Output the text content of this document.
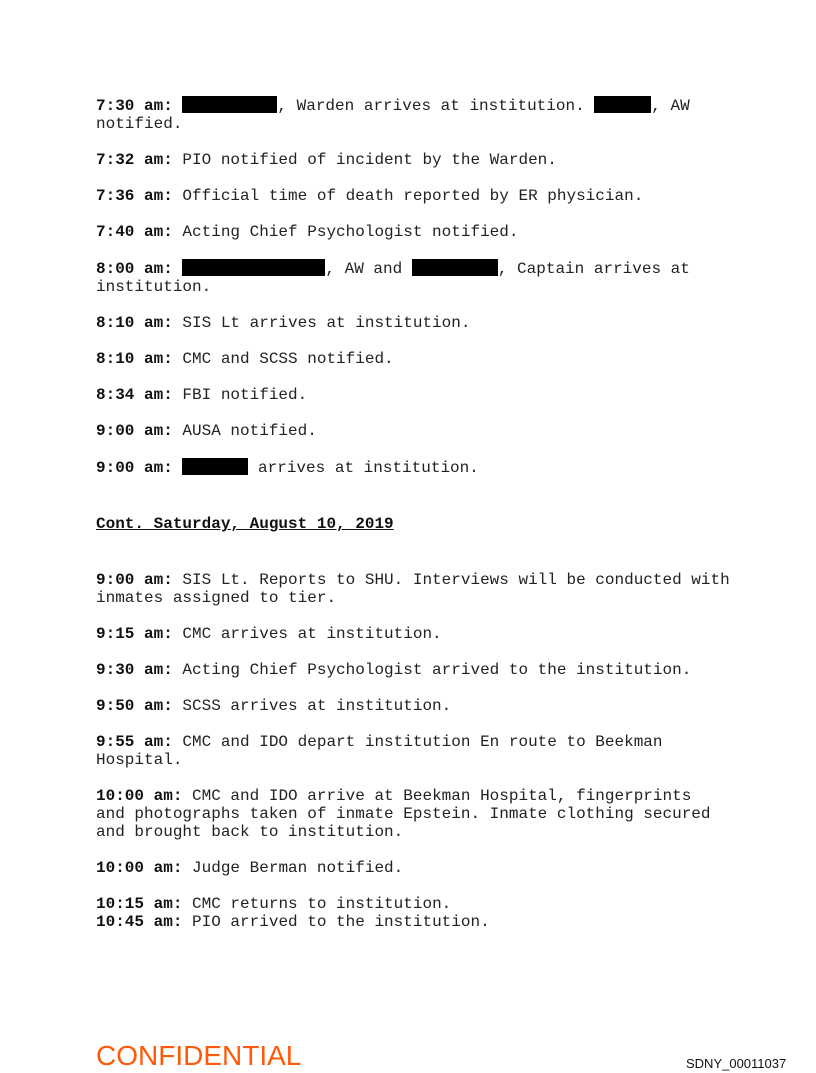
7:30 am:	, Warden arrives at institution.	, AW notified.

7:32 am: PIO notified of incident by the Warden.

7:36 am: Official time of death reported by ER physician.

7:40 am: Acting Chief Psychologist notified.

8:00 am:	, AW and	, Captain arrives at institution.

8:10 am: SIS Lt arrives at institution.

8:10 am: CMC and SCSS notified.

8:34 am: FBI notified.

9:00 am: AUSA notified.

9:00 am:	arrives at institution.

Cont. Saturday, August 10, 2019

9:00 am: SIS Lt. Reports to SHU. Interviews will be conducted with inmates assigned to tier.

9:15 am: CMC arrives at institution.

9:30 am: Acting Chief Psychologist arrived to the institution.

9:50 am: SCSS arrives at institution.

9:55 am: CMC and IDO depart institution En route to Beekman Hospital.

10:00 am: CMC and IDO arrive at Beekman Hospital, fingerprints and photographs taken of inmate Epstein. Inmate clothing secured and brought back to institution.

10:00 am: Judge Berman notified.

10:15 am: CMC returns to institution.

10:45 am: PIO arrived to the institution.

CONFIDENTIAL	SDNY_00011037
